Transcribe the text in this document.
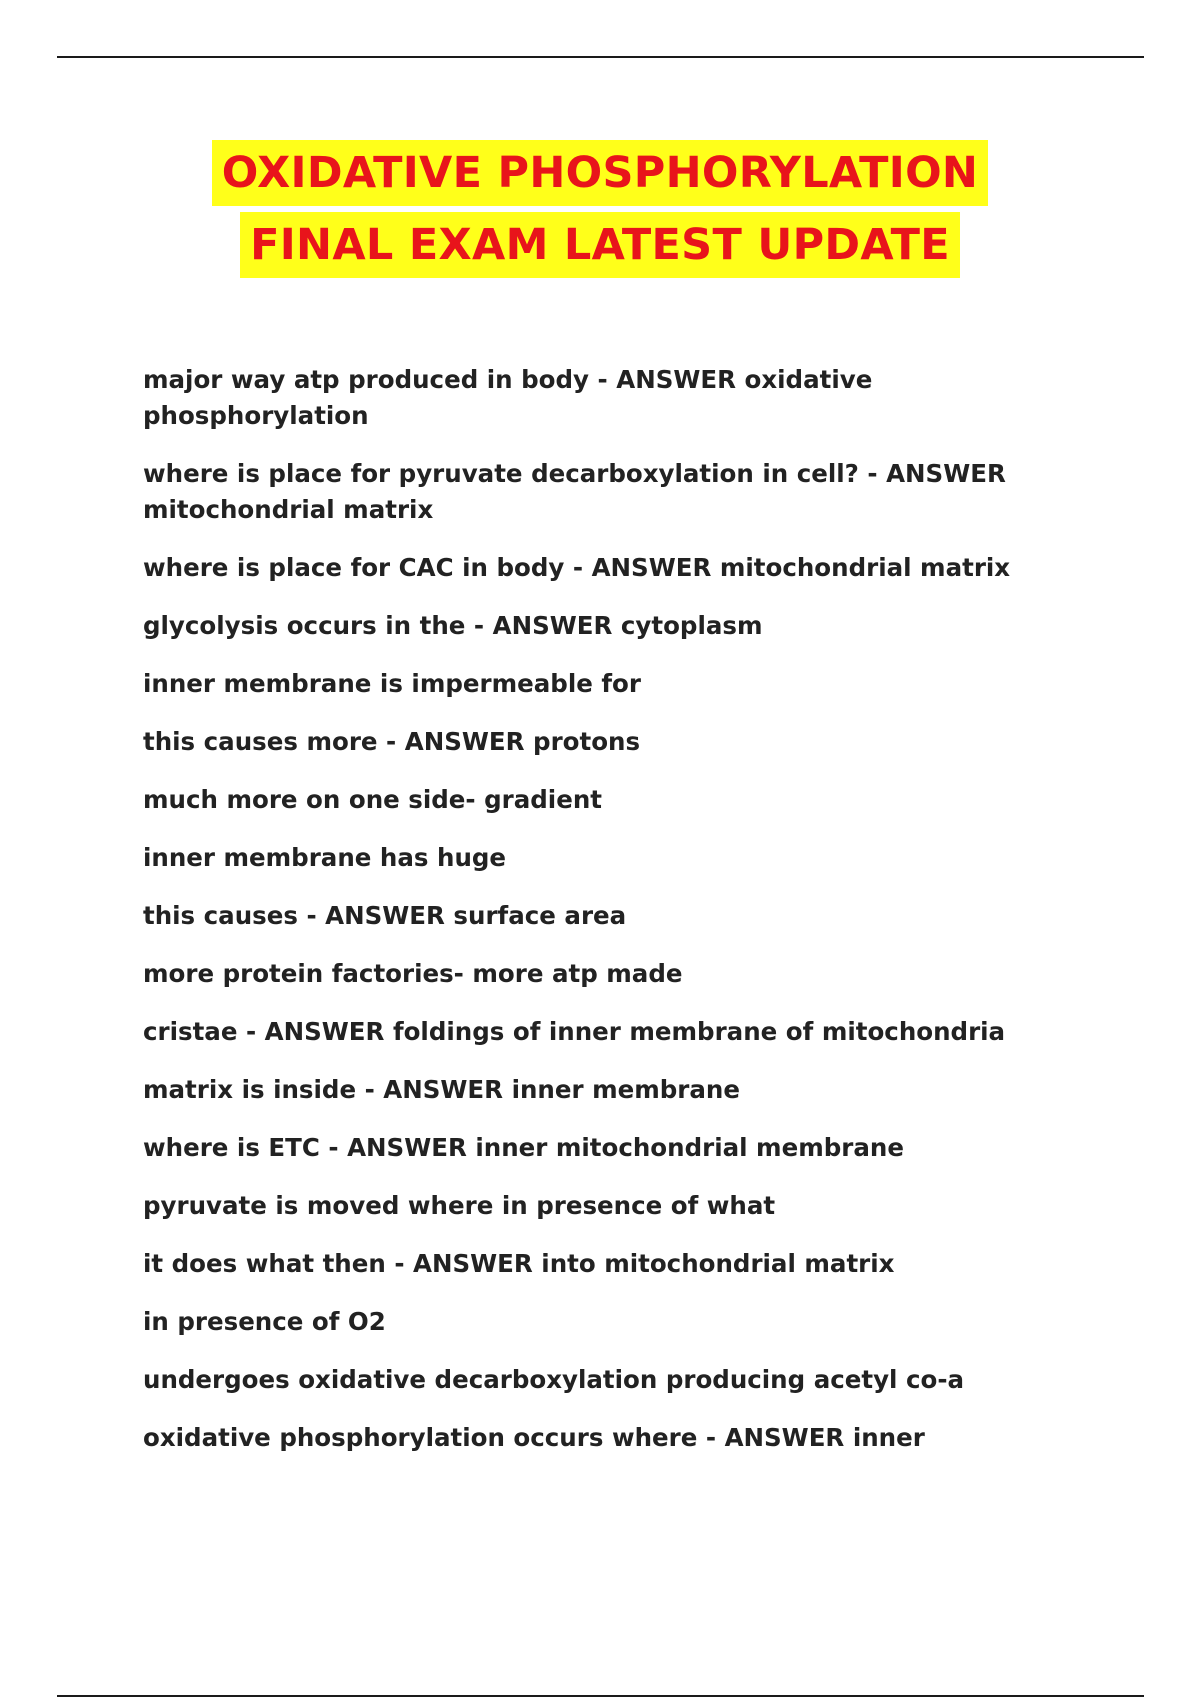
OXIDATIVE PHOSPHORYLATION
FINAL EXAM LATEST UPDATE
major way atp produced in body - ANSWER oxidative phosphorylation
where is place for pyruvate decarboxylation in cell? - ANSWER mitochondrial matrix
where is place for CAC in body - ANSWER mitochondrial matrix
glycolysis occurs in the - ANSWER cytoplasm
inner membrane is impermeable for
this causes more - ANSWER protons
much more on one side- gradient
inner membrane has huge
this causes - ANSWER surface area
more protein factories- more atp made
cristae - ANSWER foldings of inner membrane of mitochondria
matrix is inside - ANSWER inner membrane
where is ETC - ANSWER inner mitochondrial membrane
pyruvate is moved where in presence of what
it does what then - ANSWER into mitochondrial matrix
in presence of O2
undergoes oxidative decarboxylation producing acetyl co-a
oxidative phosphorylation occurs where - ANSWER inner
